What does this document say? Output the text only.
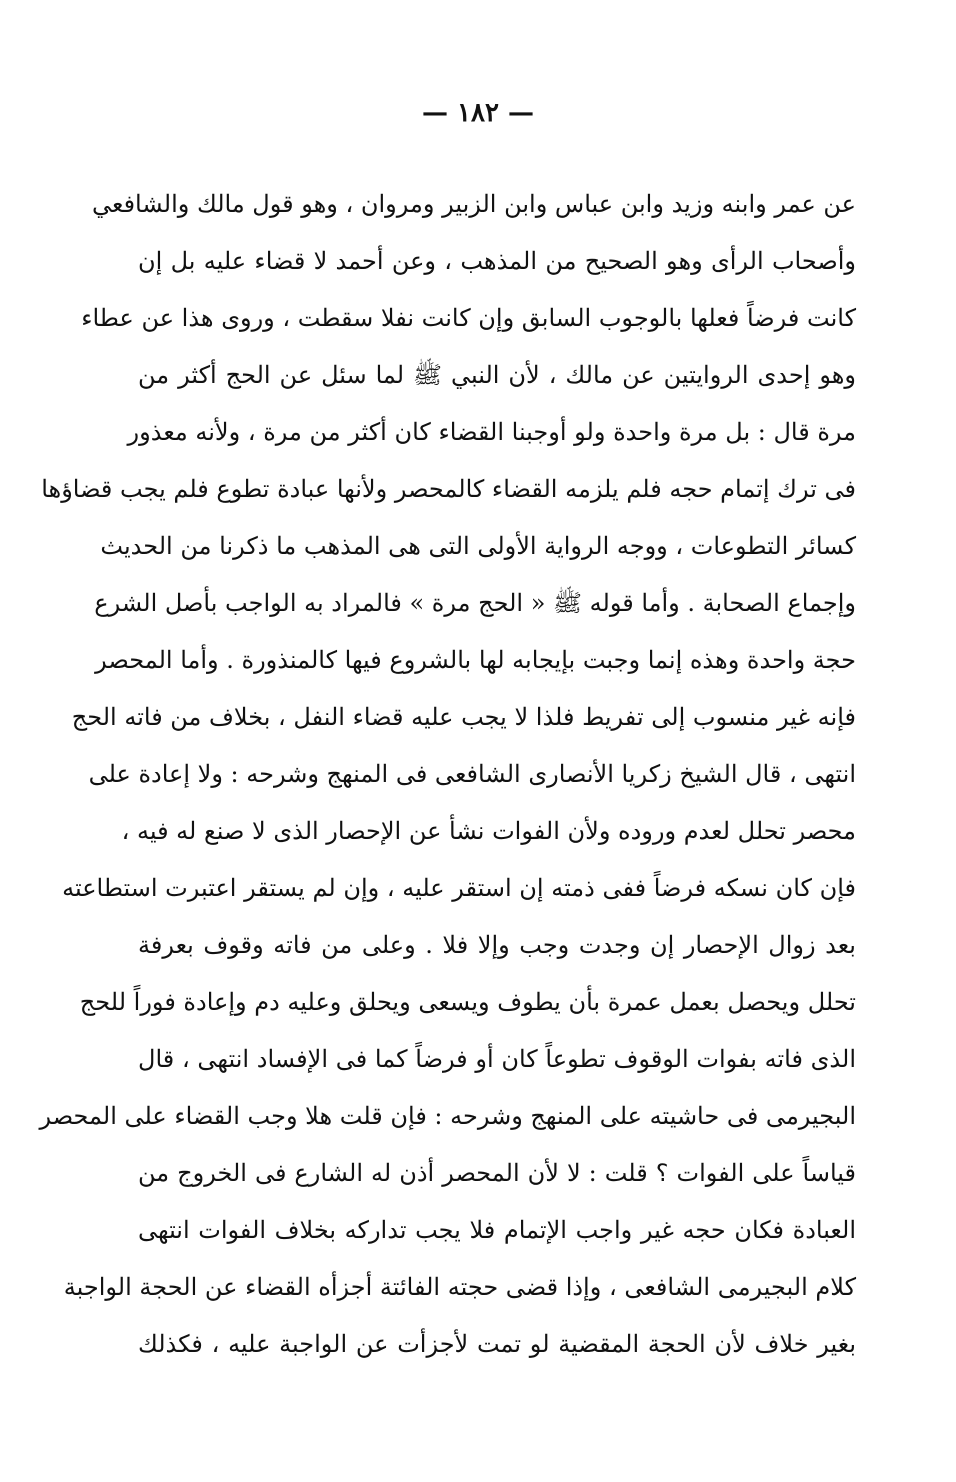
— ١٨٢ —
عن عمر وابنه وزيد وابن عباس وابن الزبير ومروان ، وهو قول مالك والشافعي
وأصحاب الرأى وهو الصحيح من المذهب ، وعن أحمد لا قضاء عليه بل إن
كانت فرضاً فعلها بالوجوب السابق وإن كانت نفلا سقطت ، وروى هذا عن عطاء
وهو إحدى الروايتين عن مالك ، لأن النبي ﷺ لما سئل عن الحج أكثر من
مرة قال : بل مرة واحدة ولو أوجبنا القضاء كان أكثر من مرة ، ولأنه معذور
فى ترك إتمام حجه فلم يلزمه القضاء كالمحصر ولأنها عبادة تطوع فلم يجب قضاؤها
كسائر التطوعات ، ووجه الرواية الأولى التى هى المذهب ما ذكرنا من الحديث
وإجماع الصحابة . وأما قوله ﷺ « الحج مرة » فالمراد به الواجب بأصل الشرع
حجة واحدة وهذه إنما وجبت بإيجابه لها بالشروع فيها كالمنذورة . وأما المحصر
فإنه غير منسوب إلى تفريط فلذا لا يجب عليه قضاء النفل ، بخلاف من فاته الحج
انتهى ، قال الشيخ زكريا الأنصارى الشافعى فى المنهج وشرحه : ولا إعادة على
محصر تحلل لعدم وروده ولأن الفوات نشأ عن الإحصار الذى لا صنع له فيه ،
فإن كان نسكه فرضاً ففى ذمته إن استقر عليه ، وإن لم يستقر اعتبرت استطاعته
بعد زوال الإحصار إن وجدت وجب وإلا فلا . وعلى من فاته وقوف بعرفة
تحلل ويحصل بعمل عمرة بأن يطوف ويسعى ويحلق وعليه دم وإعادة فوراً للحج
الذى فاته بفوات الوقوف تطوعاً كان أو فرضاً كما فى الإفساد انتهى ، قال
البجيرمى فى حاشيته على المنهج وشرحه : فإن قلت هلا وجب القضاء على المحصر
قياساً على الفوات ؟ قلت : لا لأن المحصر أذن له الشارع فى الخروج من
العبادة فكان حجه غير واجب الإتمام فلا يجب تداركه بخلاف الفوات انتهى
كلام البجيرمى الشافعى ، وإذا قضى حجته الفائتة أجزأه القضاء عن الحجة الواجبة
بغير خلاف لأن الحجة المقضية لو تمت لأجزأت عن الواجبة عليه ، فكذلك
